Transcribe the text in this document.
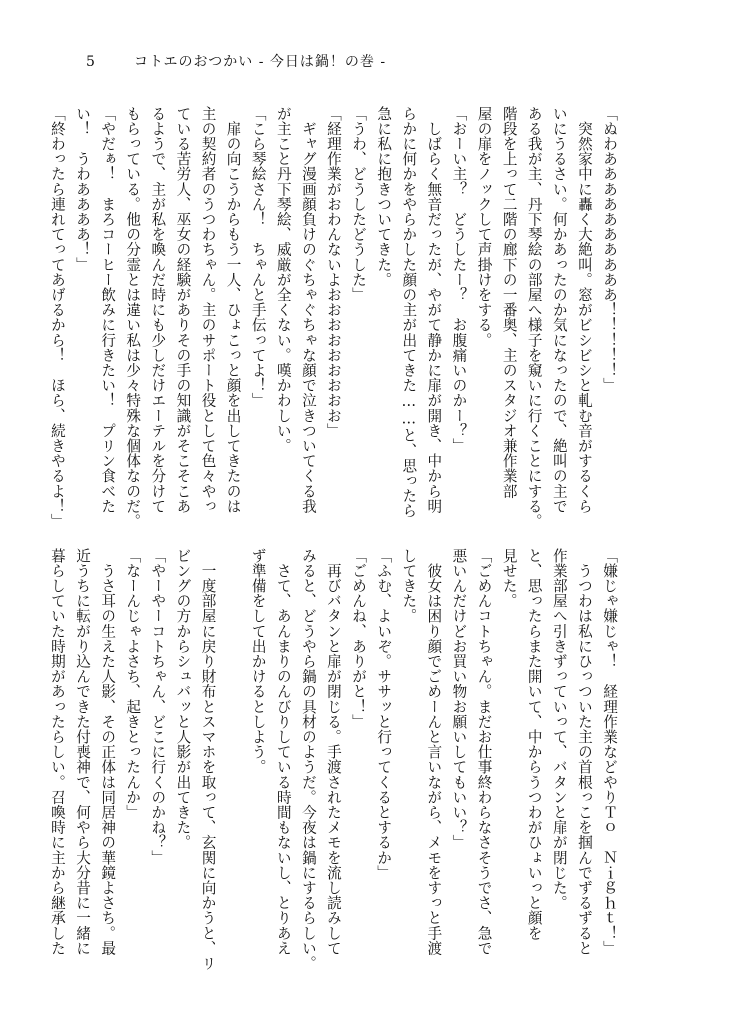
5	コトエのおつかい - 今日は鍋！の巻 -
「ぬわああああああああああ！！！！！」
　突然家中に轟く大絶叫。窓がビシビシと軋む音がするくら
いにうるさい。何かあったのか気になったので、絶叫の主で
ある我が主、丹下琴絵の部屋へ様子を窺いに行くことにする。
階段を上って二階の廊下の一番奥、主のスタジオ兼作業部
屋の扉をノックして声掛けをする。
「おーい主？　どうしたー？　お腹痛いのかー？」
　しばらく無音だったが、やがて静かに扉が開き、中から明
らかに何かをやらかした顔の主が出てきた……と、思ったら
急に私に抱きついてきた。
「うわ、どうしたどうした」
「経理作業がおわんないよおおおおおおおおお」
　ギャグ漫画顔負けのぐちゃぐちゃな顔で泣きついてくる我
が主こと丹下琴絵、威厳が全くない。嘆かわしい。
「こら琴絵さん！　ちゃんと手伝ってよ！」
　扉の向こうからもう一人、ひょこっと顔を出してきたのは
主の契約者のうつわちゃん。主のサポート役として色々やっ
ている苦労人、巫女の経験がありその手の知識がそこそこあ
るようで、主が私を喚んだ時にも少しだけエーテルを分けて
もらっている。他の分霊とは違い私は少々特殊な個体なのだ。
「やだぁ！　まろコーヒー飲みに行きたい！　プリン食べた
い！　うわああああ！」
「終わったら連れてってあげるから！　ほら、続きやるよ！」
「嫌じゃ嫌じゃ！　経理作業などやりＴｏ　Ｎｉｇｈｔ！」
　うつわは私にひっついた主の首根っこを掴んでずるずると
作業部屋へ引きずっていって、バタンと扉が閉じた。
と、思ったらまた開いて、中からうつわがひょいっと顔を
見せた。
「ごめんコトちゃん。まだお仕事終わらなさそうでさ、急で
悪いんだけどお買い物お願いしてもいい？」
　彼女は困り顔でごめーんと言いながら、メモをすっと手渡
してきた。
「ふむ、よいぞ。ササッと行ってくるとするか」
「ごめんね、ありがと！」
　再びバタンと扉が閉じる。手渡されたメモを流し読みして
みると、どうやら鍋の具材のようだ。今夜は鍋にするらしい。
　さて、あんまりのんびりしている時間もないし、とりあえ
ず準備をして出かけるとしよう。

　一度部屋に戻り財布とスマホを取って、玄関に向かうと、リ
ビングの方からシュバッと人影が出てきた。
「やーやーコトちゃん、どこに行くのかね？」
「なーんじゃよさち、起きとったんか」
　うさ耳の生えた人影、その正体は同居神の華鏡よさち。最
近うちに転がり込んできた付喪神で、何やら大分昔に一緒に
暮らしていた時期があったらしい。召喚時に主から継承した
